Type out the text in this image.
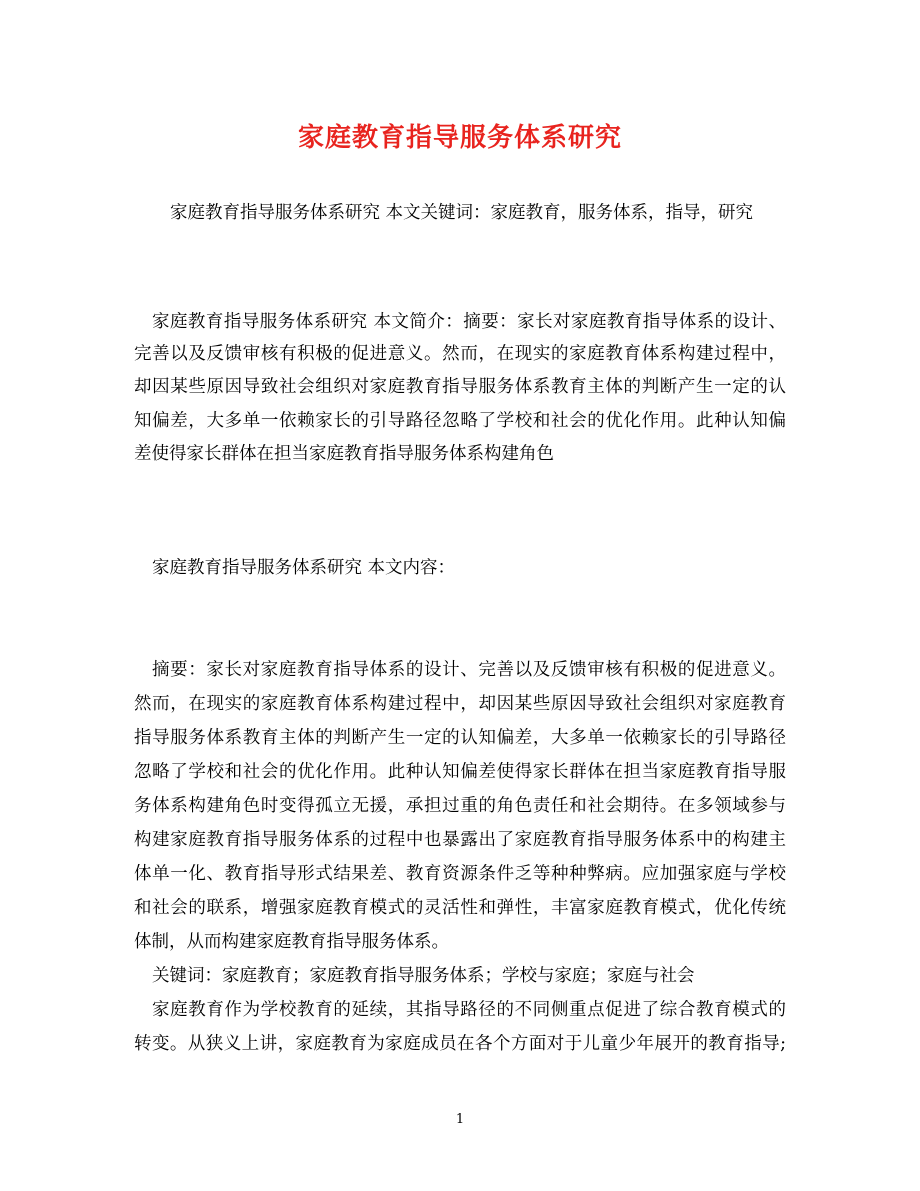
家庭教育指导服务体系研究
家庭教育指导服务体系研究 本文关键词：家庭教育，服务体系，指导，研究
家庭教育指导服务体系研究 本文简介：摘要：家长对家庭教育指导体系的设计、
完善以及反馈审核有积极的促进意义。然而，在现实的家庭教育体系构建过程中，
却因某些原因导致社会组织对家庭教育指导服务体系教育主体的判断产生一定的认
知偏差，大多单一依赖家长的引导路径忽略了学校和社会的优化作用。此种认知偏
差使得家长群体在担当家庭教育指导服务体系构建角色
家庭教育指导服务体系研究 本文内容：
摘要：家长对家庭教育指导体系的设计、完善以及反馈审核有积极的促进意义。
然而，在现实的家庭教育体系构建过程中，却因某些原因导致社会组织对家庭教育
指导服务体系教育主体的判断产生一定的认知偏差，大多单一依赖家长的引导路径
忽略了学校和社会的优化作用。此种认知偏差使得家长群体在担当家庭教育指导服
务体系构建角色时变得孤立无援，承担过重的角色责任和社会期待。在多领域参与
构建家庭教育指导服务体系的过程中也暴露出了家庭教育指导服务体系中的构建主
体单一化、教育指导形式结果差、教育资源条件乏等种种弊病。应加强家庭与学校
和社会的联系，增强家庭教育模式的灵活性和弹性，丰富家庭教育模式，优化传统
体制，从而构建家庭教育指导服务体系。
关键词：家庭教育；家庭教育指导服务体系；学校与家庭；家庭与社会
家庭教育作为学校教育的延续，其指导路径的不同侧重点促进了综合教育模式的
转变。从狭义上讲，家庭教育为家庭成员在各个方面对于儿童少年展开的教育指导;
1
